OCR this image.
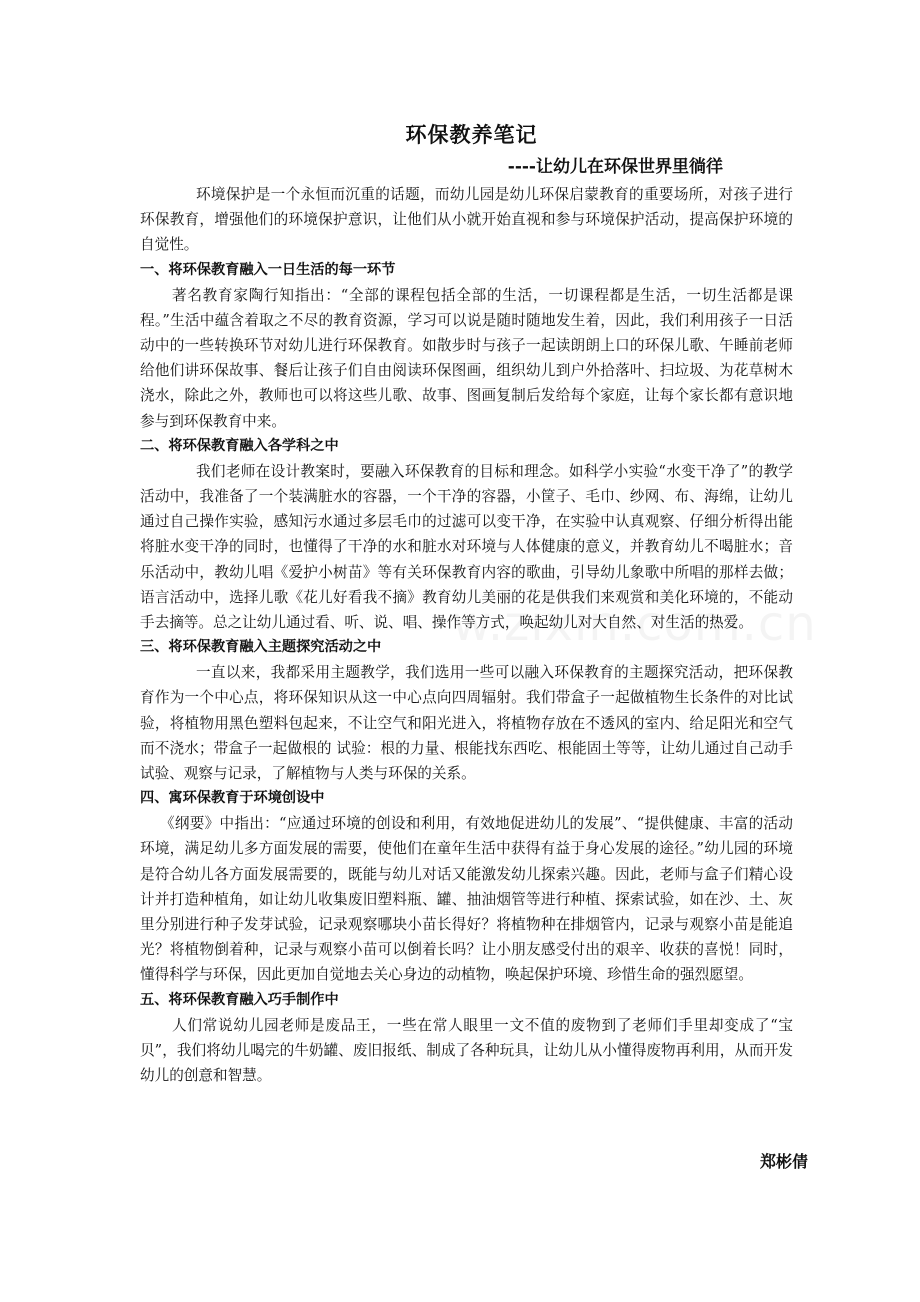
环保教养笔记
----让幼儿在环保世界里徜徉

环境保护是一个永恒而沉重的话题，而幼儿园是幼儿环保启蒙教育的重要场所，对孩子进行环保教育，增强他们的环境保护意识，让他们从小就开始直视和参与环境保护活动，提高保护环境的自觉性。

一、将环保教育融入一日生活的每一环节

著名教育家陶行知指出：“全部的课程包括全部的生活，一切课程都是生活，一切生活都是课程。”生活中蕴含着取之不尽的教育资源，学习可以说是随时随地发生着，因此，我们利用孩子一日活动中的一些转换环节对幼儿进行环保教育。如散步时与孩子一起读朗朗上口的环保儿歌、午睡前老师给他们讲环保故事、餐后让孩子们自由阅读环保图画，组织幼儿到户外拾落叶、扫垃圾、为花草树木浇水，除此之外，教师也可以将这些儿歌、故事、图画复制后发给每个家庭，让每个家长都有意识地参与到环保教育中来。

二、将环保教育融入各学科之中

我们老师在设计教案时，要融入环保教育的目标和理念。如科学小实验“水变干净了”的教学活动中，我准备了一个装满脏水的容器，一个干净的容器，小筐子、毛巾、纱网、布、海绵，让幼儿通过自己操作实验，感知污水通过多层毛巾的过滤可以变干净，在实验中认真观察、仔细分析得出能将脏水变干净的同时，也懂得了干净的水和脏水对环境与人体健康的意义，并教育幼儿不喝脏水；音乐活动中，教幼儿唱《爱护小树苗》等有关环保教育内容的歌曲，引导幼儿象歌中所唱的那样去做；语言活动中，选择儿歌《花儿好看我不摘》教育幼儿美丽的花是供我们来观赏和美化环境的，不能动手去摘等。总之让幼儿通过看、听、说、唱、操作等方式，唤起幼儿对大自然、对生活的热爱。

三、将环保教育融入主题探究活动之中

一直以来，我都采用主题教学，我们选用一些可以融入环保教育的主题探究活动，把环保教育作为一个中心点，将环保知识从这一中心点向四周辐射。我们带盒子一起做植物生长条件的对比试验，将植物用黑色塑料包起来，不让空气和阳光进入，将植物存放在不透风的室内、给足阳光和空气而不浇水；带盒子一起做根的 试验：根的力量、根能找东西吃、根能固土等等，让幼儿通过自己动手试验、观察与记录，了解植物与人类与环保的关系。

四、寓环保教育于环境创设中

《纲要》中指出：“应通过环境的创设和利用，有效地促进幼儿的发展”、“提供健康、丰富的活动环境，满足幼儿多方面发展的需要，使他们在童年生活中获得有益于身心发展的途径。”幼儿园的环境是符合幼儿各方面发展需要的，既能与幼儿对话又能激发幼儿探索兴趣。因此，老师与盒子们精心设计并打造种植角，如让幼儿收集废旧塑料瓶、罐、抽油烟管等进行种植、探索试验，如在沙、土、灰里分别进行种子发芽试验，记录观察哪块小苗长得好？将植物种在排烟管内，记录与观察小苗是能追光？将植物倒着种，记录与观察小苗可以倒着长吗？让小朋友感受付出的艰辛、收获的喜悦！同时，懂得科学与环保，因此更加自觉地去关心身边的动植物，唤起保护环境、珍惜生命的强烈愿望。

五、将环保教育融入巧手制作中

人们常说幼儿园老师是废品王，一些在常人眼里一文不值的废物到了老师们手里却变成了“宝贝”，我们将幼儿喝完的牛奶罐、废旧报纸、制成了各种玩具，让幼儿从小懂得废物再利用，从而开发幼儿的创意和智慧。

郑彬倩
